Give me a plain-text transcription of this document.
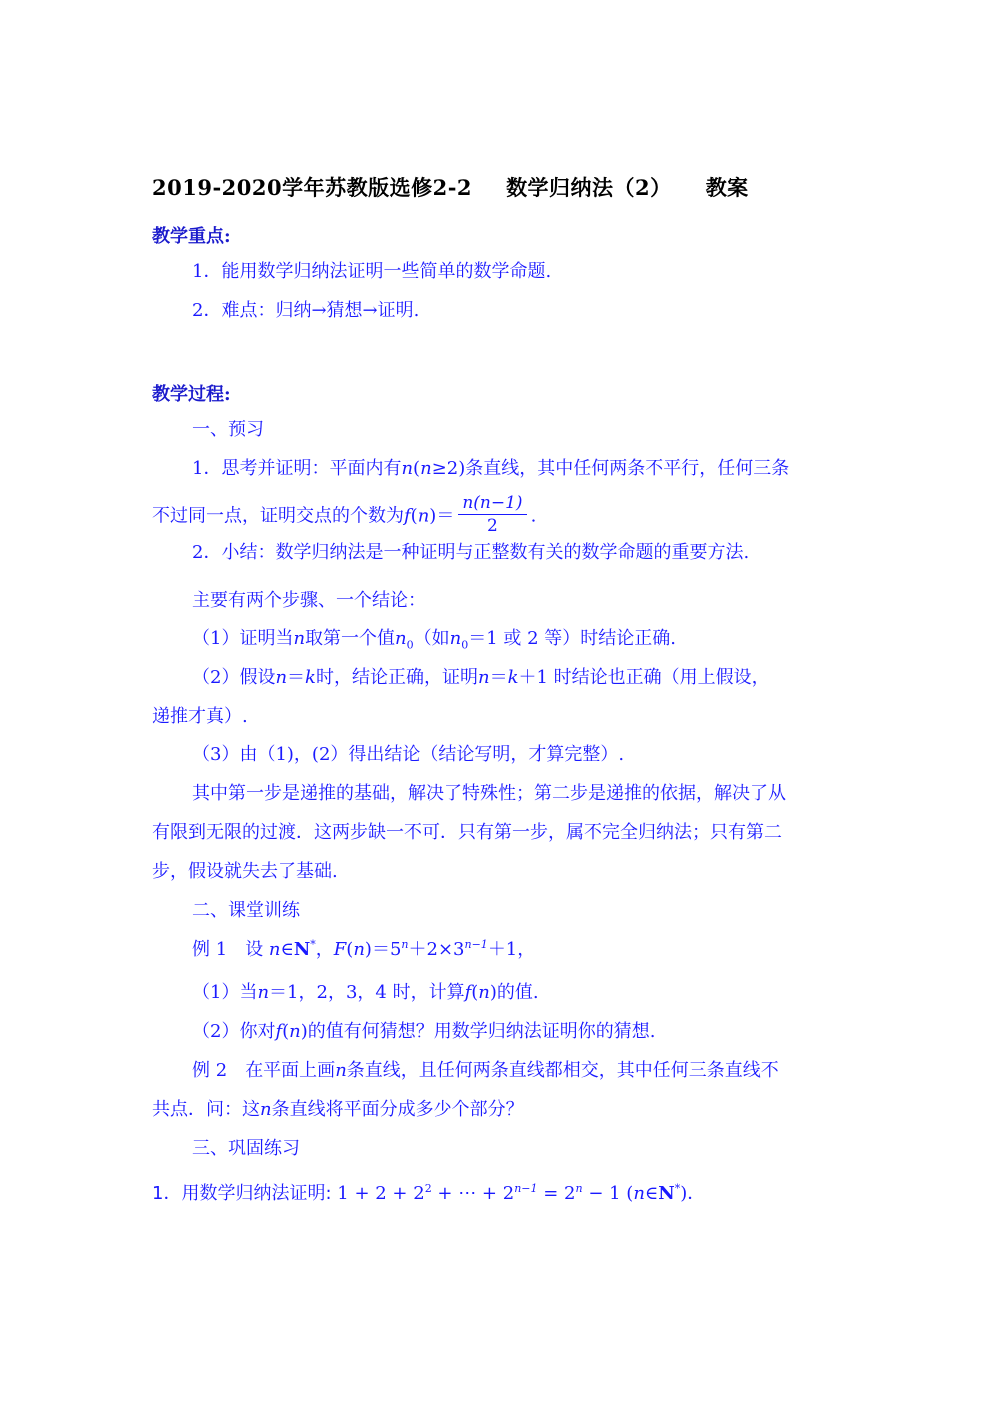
2019-2020学年苏教版选修2-2 数学归纳法（2） 教案
教学重点:
1．能用数学归纳法证明一些简单的数学命题.
2．难点：归纳→猜想→证明.
教学过程:
一、预习
1．思考并证明：平面内有n(n≥2)条直线，其中任何两条不平行，任何三条
不过同一点，证明交点的个数为$f(n)= \frac{n(n-1)}{2}$ .
2．小结：数学归纳法是一种证明与正整数有关的数学命题的重要方法.
主要有两个步骤、一个结论：
（1）证明当n取第一个值$n_0$（如$n_0=1$ 或 2 等）时结论正确.
（2）假设n＝k时，结论正确，证明n＝k＋1 时结论也正确（用上假设，
递推才真）.
（3）由（1)，(2）得出结论（结论写明，才算完整）.
其中第一步是递推的基础，解决了特殊性；第二步是递推的依据，解决了从
有限到无限的过渡．这两步缺一不可．只有第一步，属不完全归纳法；只有第二
步，假设就失去了基础.
二、课堂训练
例 1 设 n∈N*，$F(n)=5^n+2\times 3^{n-1}+1$，
（1）当n＝1，2，3，4 时，计算f(n)的值.
（2）你对f(n)的值有何猜想？用数学归纳法证明你的猜想.
例 2 在平面上画n条直线，且任何两条直线都相交，其中任何三条直线不
共点．问：这n条直线将平面分成多少个部分？
三、巩固练习
1．用数学归纳法证明: $1 + 2 + 2^2$ + ⋯ + $2^{n-1} = 2^n - 1$ (n∈N*)．
